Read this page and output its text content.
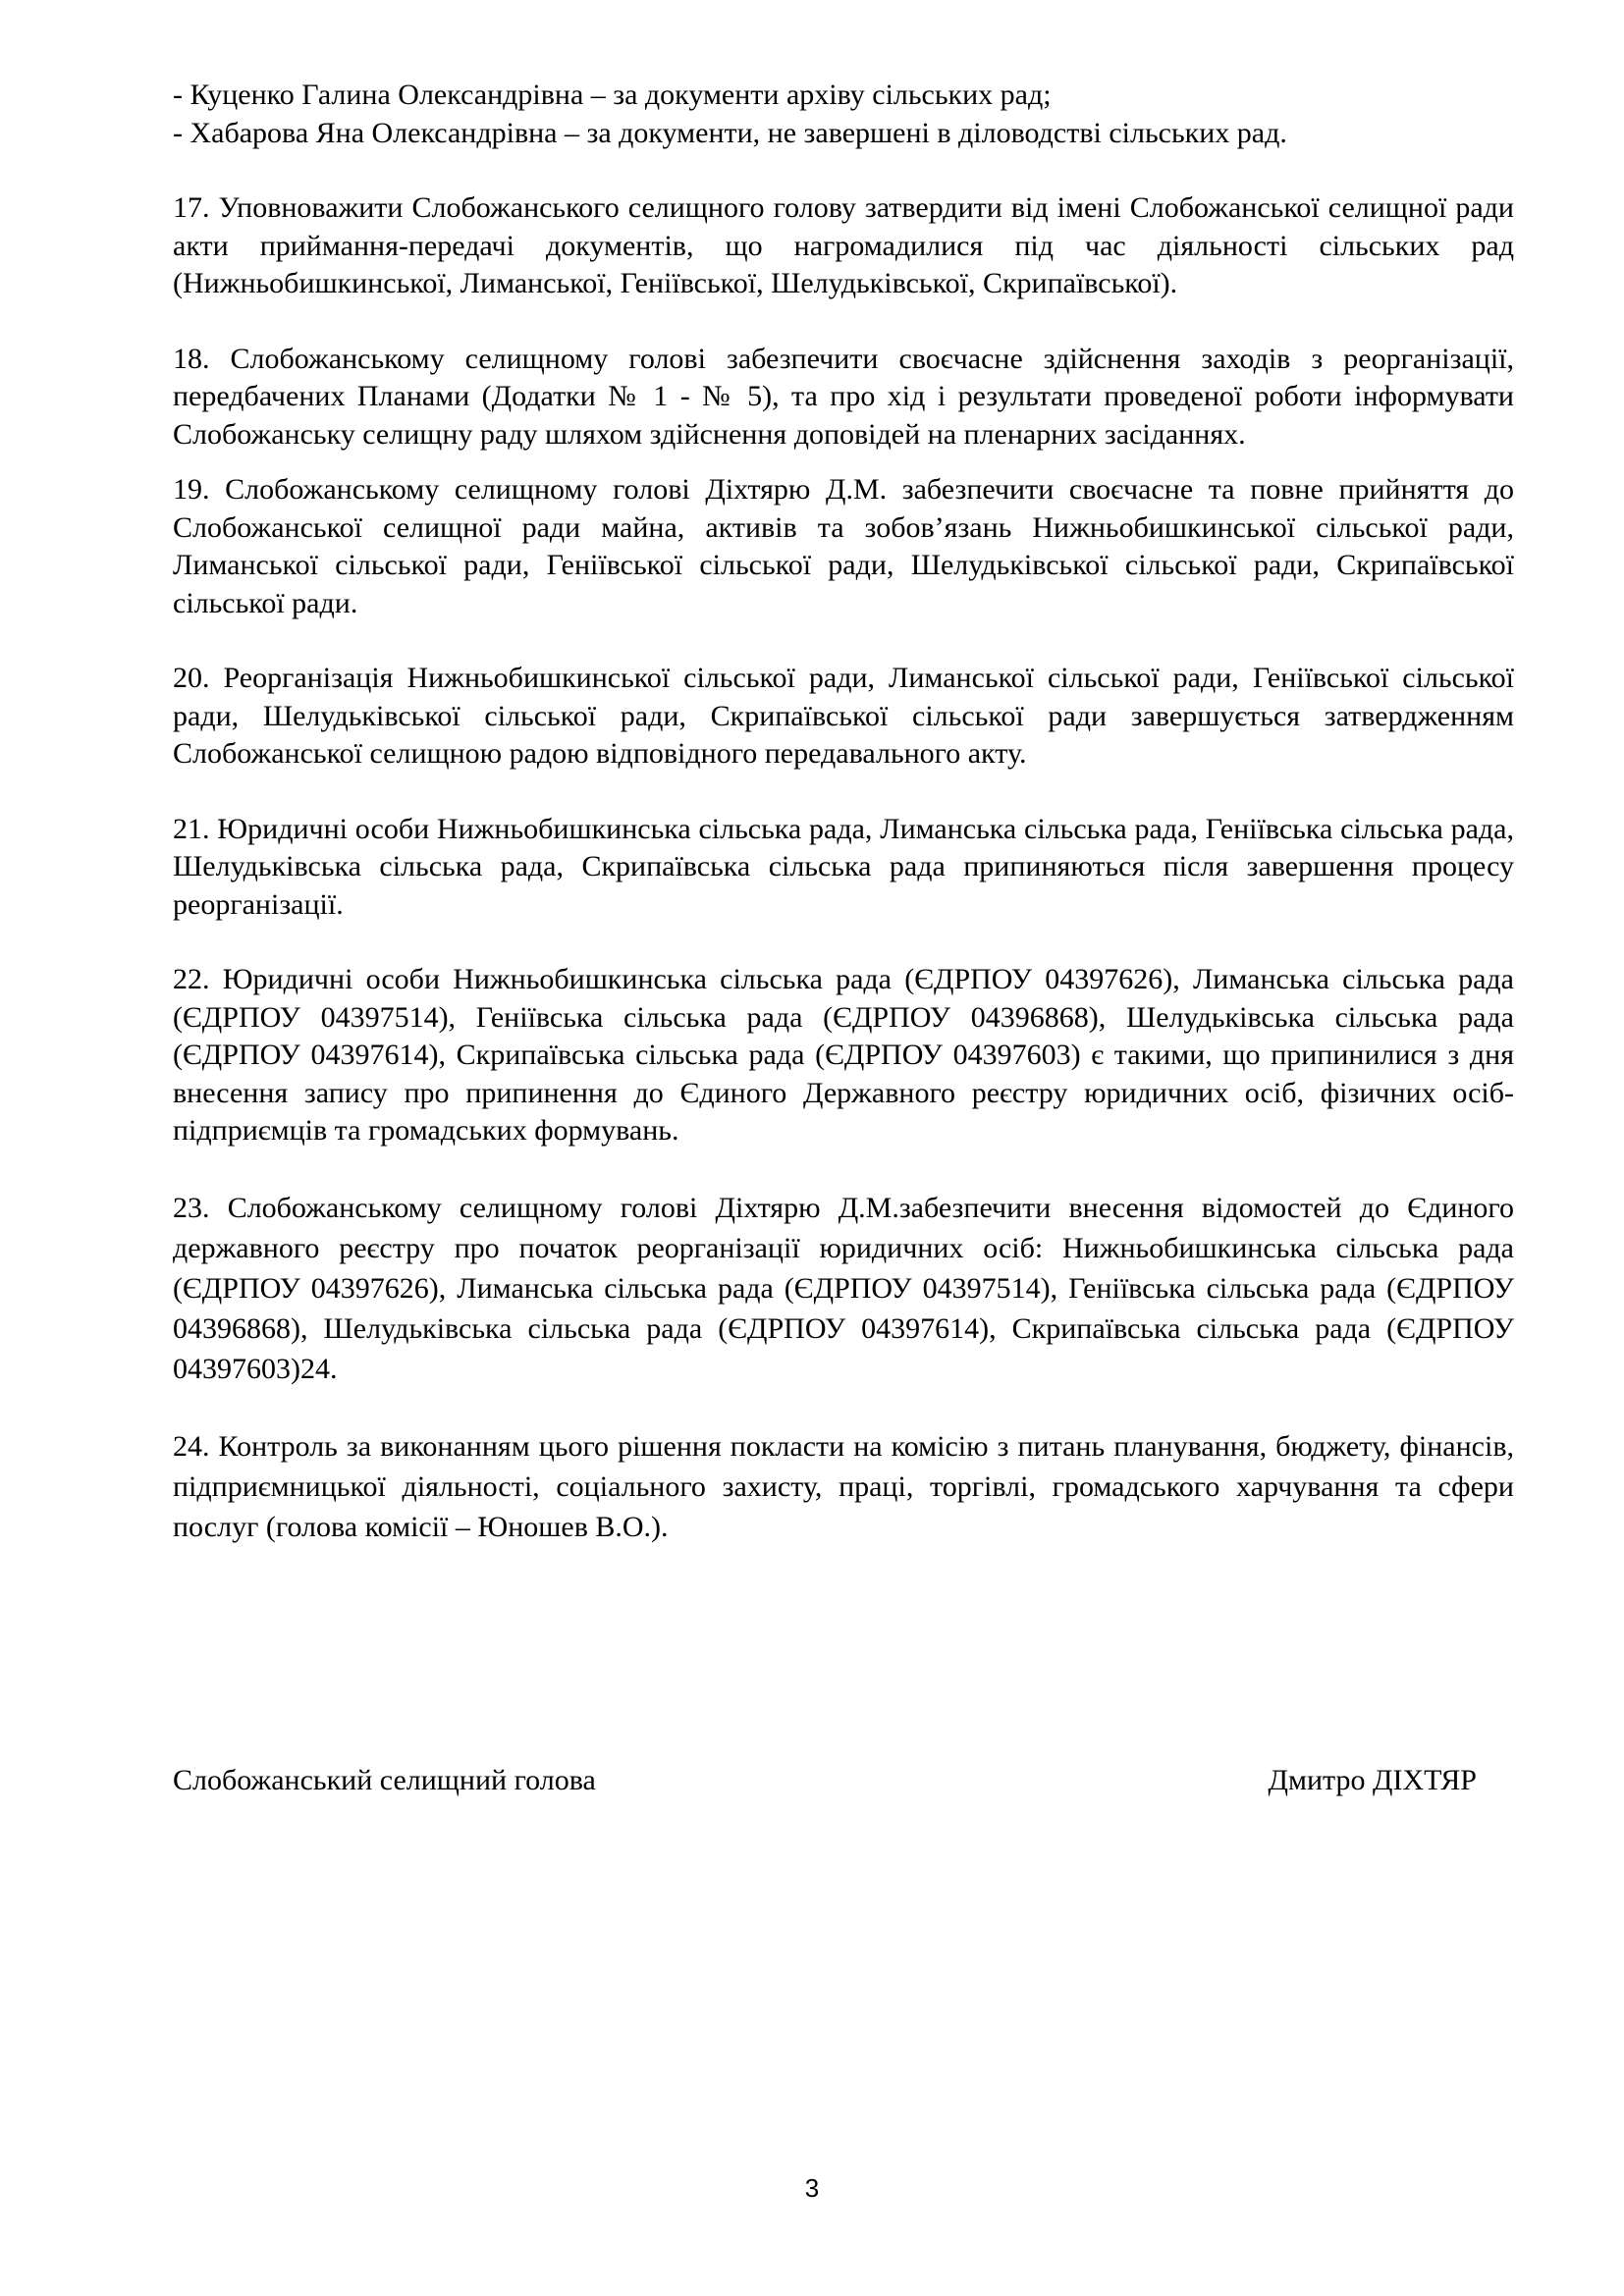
- Куценко Галина Олександрівна – за документи архіву сільських рад;
- Хабарова Яна Олександрівна – за документи, не завершені в діловодстві сільських рад.

17. Уповноважити Слобожанського селищного голову затвердити від імені Слобожанської селищної ради акти приймання-передачі документів, що нагромадилися під час діяльності сільських рад (Нижньобишкинської, Лиманської, Геніївської, Шелудьківської, Скрипаївської).

18. Слобожанському селищному голові забезпечити своєчасне здійснення заходів з реорганізації, передбачених Планами (Додатки № 1 - № 5), та про хід і результати проведеної роботи інформувати Слобожанську селищну раду шляхом здійснення доповідей на пленарних засіданнях.

19. Слобожанському селищному голові Діхтярю Д.М. забезпечити своєчасне та повне прийняття до Слобожанської селищної ради майна, активів та зобов’язань Нижньобишкинської сільської ради, Лиманської сільської ради, Геніївської сільської ради, Шелудьківської сільської ради, Скрипаївської сільської ради.

20. Реорганізація Нижньобишкинської сільської ради, Лиманської сільської ради, Геніївської сільської ради, Шелудьківської сільської ради, Скрипаївської сільської ради завершується затвердженням Слобожанської селищною радою відповідного передавального акту.

21. Юридичні особи Нижньобишкинська сільська рада, Лиманська сільська рада, Геніївська сільська рада, Шелудьківська сільська рада, Скрипаївська сільська рада припиняються після завершення процесу реорганізації.

22. Юридичні особи Нижньобишкинська сільська рада (ЄДРПОУ 04397626), Лиманська сільська рада (ЄДРПОУ 04397514), Геніївська сільська рада (ЄДРПОУ 04396868), Шелудьківська сільська рада (ЄДРПОУ 04397614), Скрипаївська сільська рада (ЄДРПОУ 04397603) є такими, що припинилися з дня внесення запису про припинення до Єдиного Державного реєстру юридичних осіб, фізичних осіб-підприємців та громадських формувань.

23. Слобожанському селищному голові Діхтярю Д.М.забезпечити внесення відомостей до Єдиного державного реєстру про початок реорганізації юридичних осіб: Нижньобишкинська сільська рада (ЄДРПОУ 04397626), Лиманська сільська рада (ЄДРПОУ 04397514), Геніївська сільська рада (ЄДРПОУ 04396868), Шелудьківська сільська рада (ЄДРПОУ 04397614), Скрипаївська сільська рада (ЄДРПОУ 04397603)24.

24. Контроль за виконанням цього рішення покласти на комісію з питань планування, бюджету, фінансів, підприємницької діяльності, соціального захисту, праці, торгівлі, громадського харчування та сфери послуг (голова комісії – Юношев В.О.).

Слобожанський селищний голова	Дмитро ДІХТЯР
3
